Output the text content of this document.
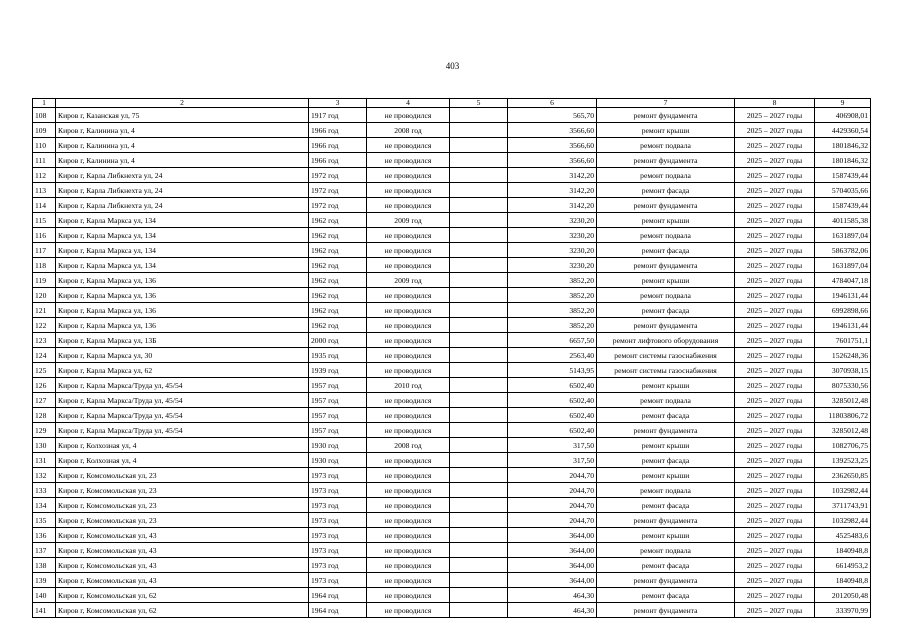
403
1	2	3	4	5	6	7	8	9
108	Киров г, Казанская ул, 75	1917 год	не проводился		565,70	ремонт фундамента	2025 – 2027 годы	406908,01
109	Киров г, Калинина ул, 4	1966 год	2008 год		3566,60	ремонт крыши	2025 – 2027 годы	4429360,54
110	Киров г, Калинина ул, 4	1966 год	не проводился		3566,60	ремонт подвала	2025 – 2027 годы	1801846,32
111	Киров г, Калинина ул, 4	1966 год	не проводился		3566,60	ремонт фундамента	2025 – 2027 годы	1801846,32
112	Киров г, Карла Либкнехта ул, 24	1972 год	не проводился		3142,20	ремонт подвала	2025 – 2027 годы	1587439,44
113	Киров г, Карла Либкнехта ул, 24	1972 год	не проводился		3142,20	ремонт фасада	2025 – 2027 годы	5704035,66
114	Киров г, Карла Либкнехта ул, 24	1972 год	не проводился		3142,20	ремонт фундамента	2025 – 2027 годы	1587439,44
115	Киров г, Карла Маркса ул, 134	1962 год	2009 год		3230,20	ремонт крыши	2025 – 2027 годы	4011585,38
116	Киров г, Карла Маркса ул, 134	1962 год	не проводился		3230,20	ремонт подвала	2025 – 2027 годы	1631897,04
117	Киров г, Карла Маркса ул, 134	1962 год	не проводился		3230,20	ремонт фасада	2025 – 2027 годы	5863782,06
118	Киров г, Карла Маркса ул, 134	1962 год	не проводился		3230,20	ремонт фундамента	2025 – 2027 годы	1631897,04
119	Киров г, Карла Маркса ул, 136	1962 год	2009 год		3852,20	ремонт крыши	2025 – 2027 годы	4784047,18
120	Киров г, Карла Маркса ул, 136	1962 год	не проводился		3852,20	ремонт подвала	2025 – 2027 годы	1946131,44
121	Киров г, Карла Маркса ул, 136	1962 год	не проводился		3852,20	ремонт фасада	2025 – 2027 годы	6992898,66
122	Киров г, Карла Маркса ул, 136	1962 год	не проводился		3852,20	ремонт фундамента	2025 – 2027 годы	1946131,44
123	Киров г, Карла Маркса ул, 13Б	2000 год	не проводился		6657,50	ремонт лифтового оборудования	2025 – 2027 годы	7601751,1
124	Киров г, Карла Маркса ул, 30	1935 год	не проводился		2563,40	ремонт системы газоснабжения	2025 – 2027 годы	1526248,36
125	Киров г, Карла Маркса ул, 62	1939 год	не проводился		5143,95	ремонт системы газоснабжения	2025 – 2027 годы	3070938,15
126	Киров г, Карла Маркса/Труда ул, 45/54	1957 год	2010 год		6502,40	ремонт крыши	2025 – 2027 годы	8075330,56
127	Киров г, Карла Маркса/Труда ул, 45/54	1957 год	не проводился		6502,40	ремонт подвала	2025 – 2027 годы	3285012,48
128	Киров г, Карла Маркса/Труда ул, 45/54	1957 год	не проводился		6502,40	ремонт фасада	2025 – 2027 годы	11803806,72
129	Киров г, Карла Маркса/Труда ул, 45/54	1957 год	не проводился		6502,40	ремонт фундамента	2025 – 2027 годы	3285012,48
130	Киров г, Колхозная ул, 4	1930 год	2008 год		317,50	ремонт крыши	2025 – 2027 годы	1082706,75
131	Киров г, Колхозная ул, 4	1930 год	не проводился		317,50	ремонт фасада	2025 – 2027 годы	1392523,25
132	Киров г, Комсомольская ул, 23	1973 год	не проводился		2044,70	ремонт крыши	2025 – 2027 годы	2362650,85
133	Киров г, Комсомольская ул, 23	1973 год	не проводился		2044,70	ремонт подвала	2025 – 2027 годы	1032982,44
134	Киров г, Комсомольская ул, 23	1973 год	не проводился		2044,70	ремонт фасада	2025 – 2027 годы	3711743,91
135	Киров г, Комсомольская ул, 23	1973 год	не проводился		2044,70	ремонт фундамента	2025 – 2027 годы	1032982,44
136	Киров г, Комсомольская ул, 43	1973 год	не проводился		3644,00	ремонт крыши	2025 – 2027 годы	4525483,6
137	Киров г, Комсомольская ул, 43	1973 год	не проводился		3644,00	ремонт подвала	2025 – 2027 годы	1840948,8
138	Киров г, Комсомольская ул, 43	1973 год	не проводился		3644,00	ремонт фасада	2025 – 2027 годы	6614953,2
139	Киров г, Комсомольская ул, 43	1973 год	не проводился		3644,00	ремонт фундамента	2025 – 2027 годы	1840948,8
140	Киров г, Комсомольская ул, 62	1964 год	не проводился		464,30	ремонт фасада	2025 – 2027 годы	2012050,48
141	Киров г, Комсомольская ул, 62	1964 год	не проводился		464,30	ремонт фундамента	2025 – 2027 годы	333970,99
